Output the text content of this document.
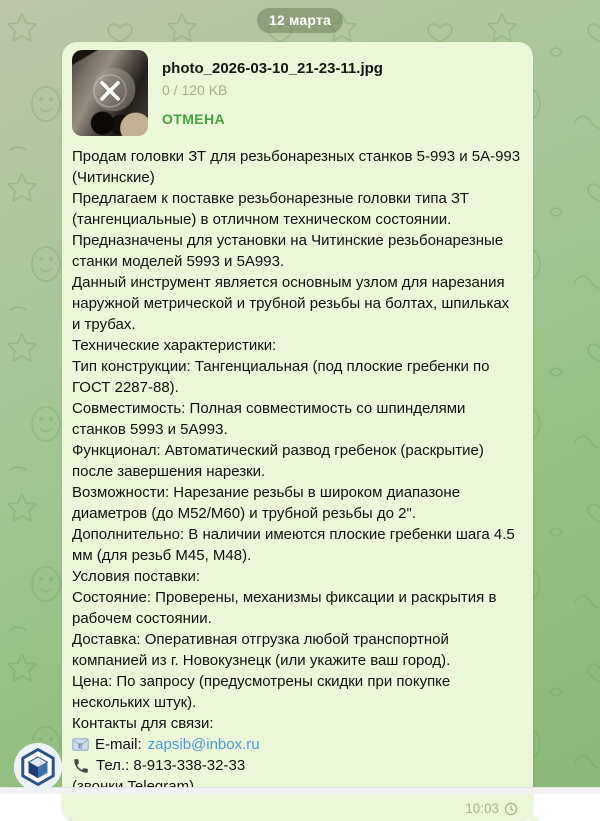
12 марта
photo_2026-03-10_21-23-11.jpg
0 / 120 KB
ОТМЕНА
Продам головки ЗТ для резьбонарезных станков 5-993 и 5А-993 (Читинские)
Предлагаем к поставке резьбонарезные головки типа ЗТ (тангенциальные) в отличном техническом состоянии.
Предназначены для установки на Читинские резьбонарезные станки моделей 5993 и 5А993.
Данный инструмент является основным узлом для нарезания наружной метрической и трубной резьбы на болтах, шпильках и трубах.
Технические характеристики:
Тип конструкции: Тангенциальная (под плоские гребенки по ГОСТ 2287-88).
Совместимость: Полная совместимость со шпинделями станков 5993 и 5А993.
Функционал: Автоматический развод гребенок (раскрытие) после завершения нарезки.
Возможности: Нарезание резьбы в широком диапазоне диаметров (до М52/М60) и трубной резьбы до 2".
Дополнительно: В наличии имеются плоские гребенки шага 4.5 мм (для резьб М45, М48).
Условия поставки:
Состояние: Проверены, механизмы фиксации и раскрытия в рабочем состоянии.
Доставка: Оперативная отгрузка любой транспортной компанией из г. Новокузнецк (или укажите ваш город).
Цена: По запросу (предусмотрены скидки при покупке нескольких штук).
Контакты для связи:
E E-mail: zapsib@inbox.ru
Тел.: 8-913-338-32-33
10:03
